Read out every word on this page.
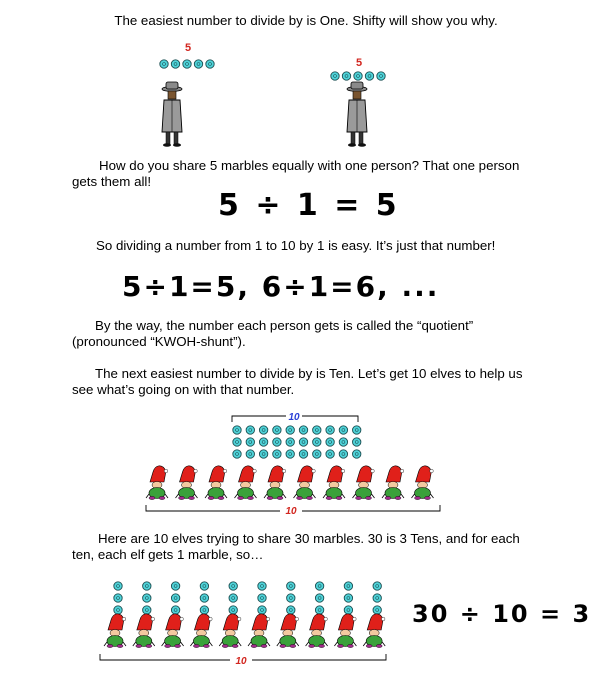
The easiest number to divide by is One. Shifty will show you why.
How do you share 5 marbles equally with one person? That one person gets them all!
5 ÷ 1 = 5
So dividing a number from 1 to 10 by 1 is easy. It’s just that number!
5÷1=5, 6÷1=6, ...
By the way, the number each person gets is called the “quotient” (pronounced “KWOH-shunt”).
The next easiest number to divide by is Ten. Let’s get 10 elves to help us see what’s going on with that number.
Here are 10 elves trying to share 30 marbles. 30 is 3 Tens, and for each ten, each elf gets 1 marble, so…
30 ÷ 10 = 3
5
5
10
10
10
